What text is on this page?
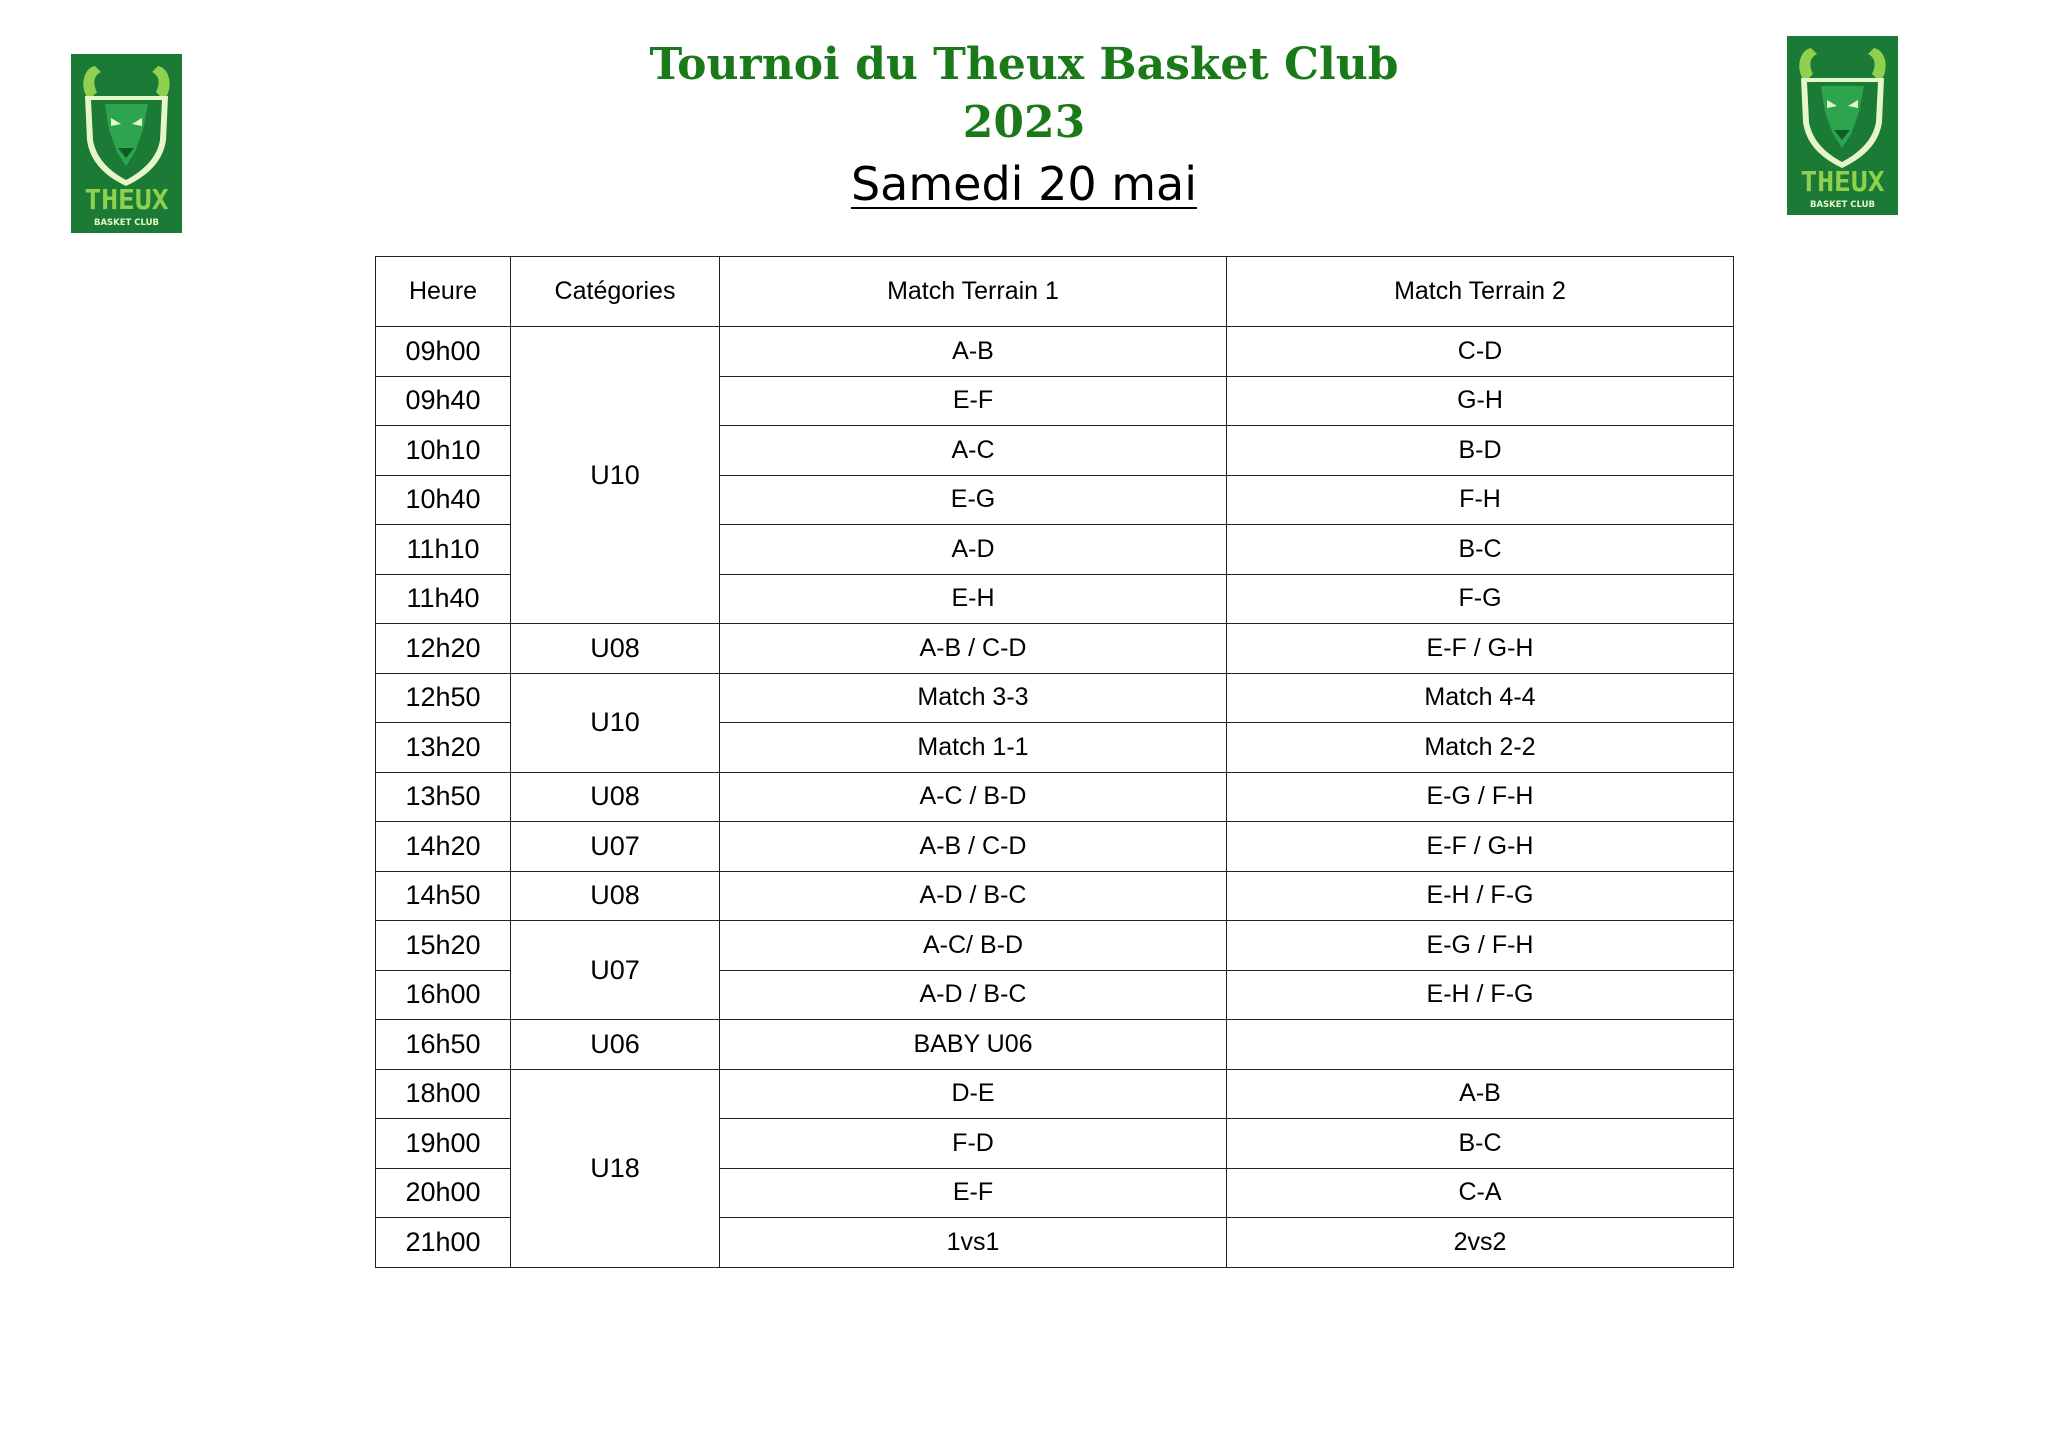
THEUX
BASKET CLUB
THEUX
BASKET CLUB
Tournoi du Theux Basket Club
2023
Samedi 20 mai
Heure	Catégories	Match Terrain 1	Match Terrain 2
09h00	U10	A-B	C-D
09h40		E-F	G-H
10h10		A-C	B-D
10h40		E-G	F-H
11h10		A-D	B-C
11h40		E-H	F-G
12h20	U08	A-B / C-D	E-F / G-H
12h50	U10	Match 3-3	Match 4-4
13h20		Match 1-1	Match 2-2
13h50	U08	A-C / B-D	E-G / F-H
14h20	U07	A-B / C-D	E-F / G-H
14h50	U08	A-D / B-C	E-H / F-G
15h20	U07	A-C/ B-D	E-G / F-H
16h00		A-D / B-C	E-H / F-G
16h50	U06	BABY U06	
18h00	U18	D-E	A-B
19h00		F-D	B-C
20h00		E-F	C-A
21h00		1vs1	2vs2
